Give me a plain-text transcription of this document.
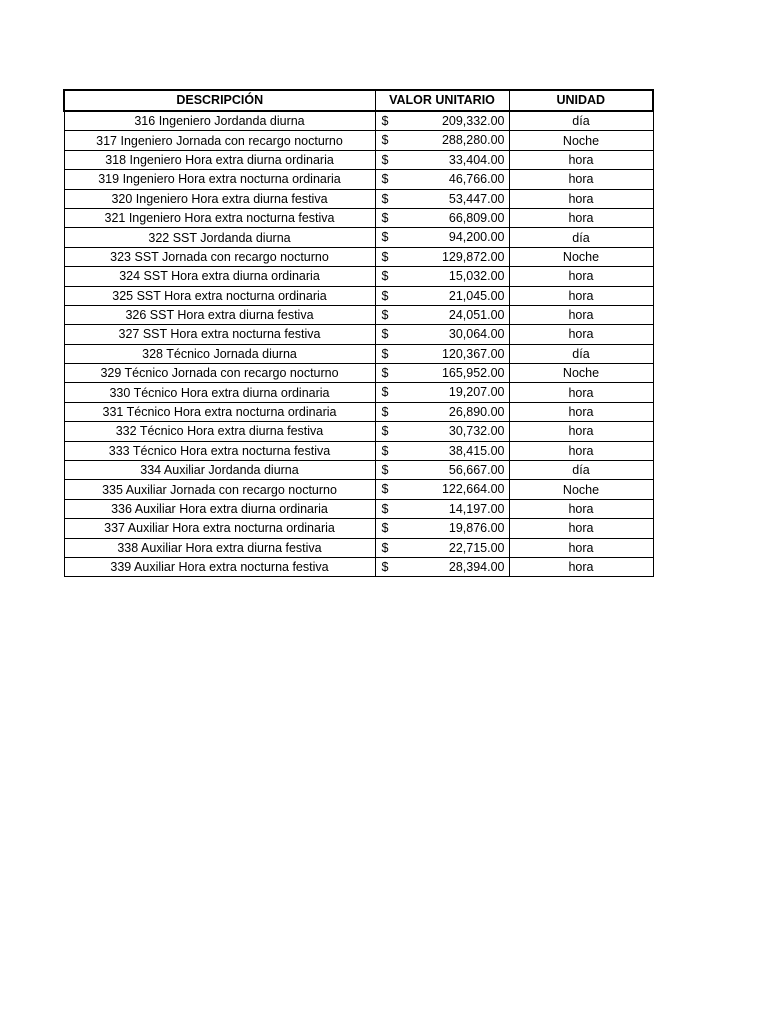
DESCRIPCIÓN	VALOR UNITARIO	UNIDAD
316 Ingeniero Jordanda diurna	$ 209,332.00	día
317 Ingeniero Jornada con recargo nocturno	$ 288,280.00	Noche
318 Ingeniero Hora extra diurna ordinaria	$ 33,404.00	hora
319 Ingeniero Hora extra nocturna ordinaria	$ 46,766.00	hora
320 Ingeniero Hora extra diurna festiva	$ 53,447.00	hora
321 Ingeniero Hora extra nocturna festiva	$ 66,809.00	hora
322 SST Jordanda diurna	$ 94,200.00	día
323 SST Jornada con recargo nocturno	$ 129,872.00	Noche
324 SST Hora extra diurna ordinaria	$ 15,032.00	hora
325 SST Hora extra nocturna ordinaria	$ 21,045.00	hora
326 SST Hora extra diurna festiva	$ 24,051.00	hora
327 SST Hora extra nocturna festiva	$ 30,064.00	hora
328 Técnico Jornada diurna	$ 120,367.00	día
329 Técnico Jornada con recargo nocturno	$ 165,952.00	Noche
330 Técnico Hora extra diurna ordinaria	$ 19,207.00	hora
331 Técnico Hora extra nocturna ordinaria	$ 26,890.00	hora
332 Técnico Hora extra diurna festiva	$ 30,732.00	hora
333 Técnico Hora extra nocturna festiva	$ 38,415.00	hora
334 Auxiliar Jordanda diurna	$ 56,667.00	día
335 Auxiliar Jornada con recargo nocturno	$ 122,664.00	Noche
336 Auxiliar Hora extra diurna ordinaria	$ 14,197.00	hora
337 Auxiliar Hora extra nocturna ordinaria	$ 19,876.00	hora
338 Auxiliar Hora extra diurna festiva	$ 22,715.00	hora
339 Auxiliar Hora extra nocturna festiva	$ 28,394.00	hora
